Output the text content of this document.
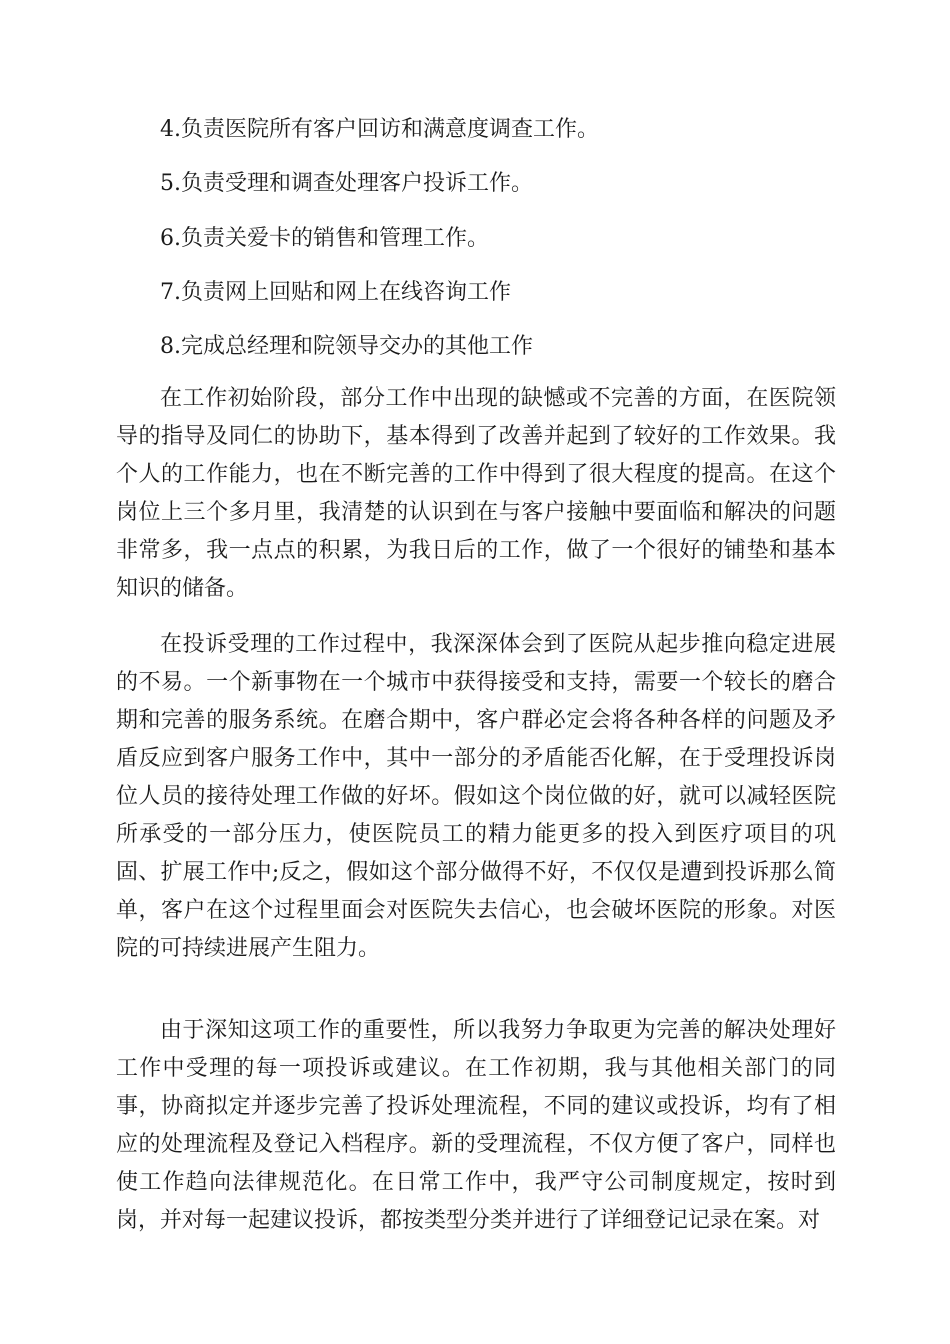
4.负责医院所有客户回访和满意度调查工作。
5.负责受理和调查处理客户投诉工作。
6.负责关爱卡的销售和管理工作。
7.负责网上回贴和网上在线咨询工作
8.完成总经理和院领导交办的其他工作

在工作初始阶段，部分工作中出现的缺憾或不完善的方面，在医院领导的指导及同仁的协助下，基本得到了改善并起到了较好的工作效果。我个人的工作能力，也在不断完善的工作中得到了很大程度的提高。在这个岗位上三个多月里，我清楚的认识到在与客户接触中要面临和解决的问题非常多，我一点点的积累，为我日后的工作，做了一个很好的铺垫和基本知识的储备。

在投诉受理的工作过程中，我深深体会到了医院从起步推向稳定进展的不易。一个新事物在一个城市中获得接受和支持，需要一个较长的磨合期和完善的服务系统。在磨合期中，客户群必定会将各种各样的问题及矛盾反应到客户服务工作中，其中一部分的矛盾能否化解，在于受理投诉岗位人员的接待处理工作做的好坏。假如这个岗位做的好，就可以减轻医院所承受的一部分压力，使医院员工的精力能更多的投入到医疗项目的巩固、扩展工作中;反之，假如这个部分做得不好，不仅仅是遭到投诉那么简单，客户在这个过程里面会对医院失去信心，也会破坏医院的形象。对医院的可持续进展产生阻力。

由于深知这项工作的重要性，所以我努力争取更为完善的解决处理好工作中受理的每一项投诉或建议。在工作初期，我与其他相关部门的同事，协商拟定并逐步完善了投诉处理流程，不同的建议或投诉，均有了相应的处理流程及登记入档程序。新的受理流程，不仅方便了客户，同样也使工作趋向法律规范化。在日常工作中，我严守公司制度规定，按时到岗，并对每一起建议投诉，都按类型分类并进行了详细登记记录在案。对
